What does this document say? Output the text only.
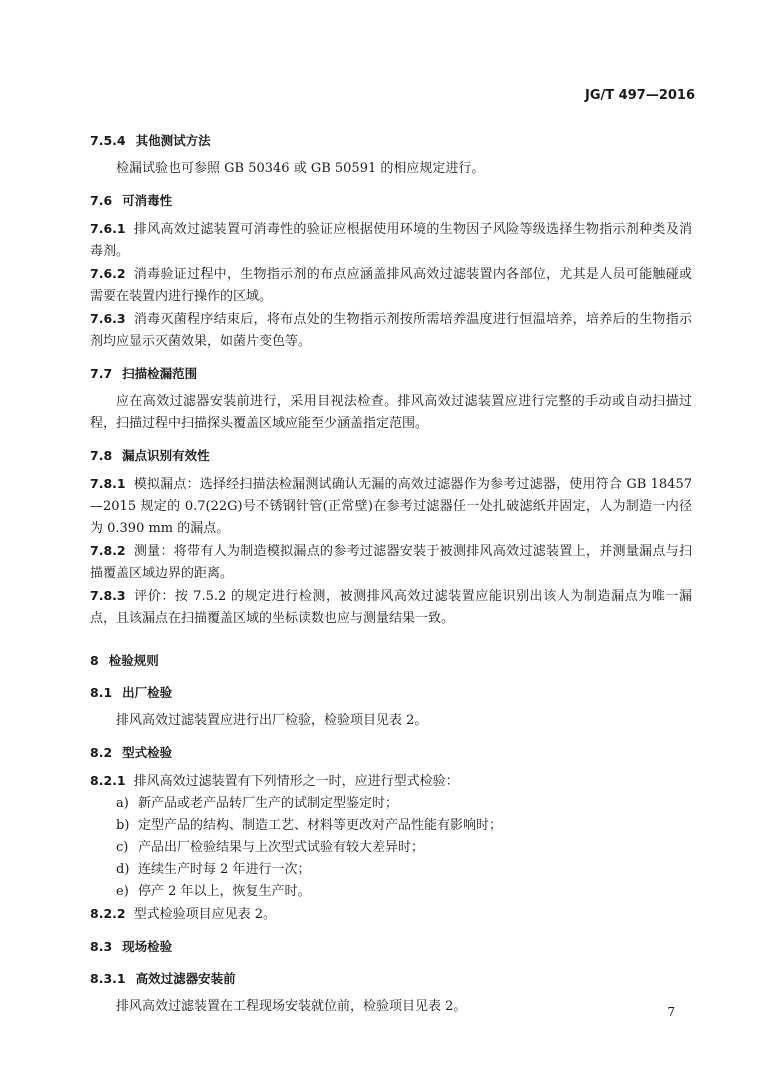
JG/T 497—2016
7.5.4 其他测试方法

检漏试验也可参照 GB 50346 或 GB 50591 的相应规定进行。

7.6 可消毒性

7.6.1 排风高效过滤装置可消毒性的验证应根据使用环境的生物因子风险等级选择生物指示剂种类及消毒剂。

7.6.2 消毒验证过程中，生物指示剂的布点应涵盖排风高效过滤装置内各部位，尤其是人员可能触碰或需要在装置内进行操作的区域。

7.6.3 消毒灭菌程序结束后，将布点处的生物指示剂按所需培养温度进行恒温培养，培养后的生物指示剂均应显示灭菌效果，如菌片变色等。

7.7 扫描检漏范围

应在高效过滤器安装前进行，采用目视法检查。排风高效过滤装置应进行完整的手动或自动扫描过程，扫描过程中扫描探头覆盖区域应能至少涵盖指定范围。

7.8 漏点识别有效性

7.8.1 模拟漏点：选择经扫描法检漏测试确认无漏的高效过滤器作为参考过滤器，使用符合 GB 18457—2015 规定的 0.7(22G)号不锈钢针管(正常壁)在参考过滤器任一处扎破滤纸并固定，人为制造一内径为 0.390 mm 的漏点。

7.8.2 测量：将带有人为制造模拟漏点的参考过滤器安装于被测排风高效过滤装置上，并测量漏点与扫描覆盖区域边界的距离。

7.8.3 评价：按 7.5.2 的规定进行检测，被测排风高效过滤装置应能识别出该人为制造漏点为唯一漏点，且该漏点在扫描覆盖区域的坐标读数也应与测量结果一致。

8 检验规则
8.1 出厂检验

排风高效过滤装置应进行出厂检验，检验项目见表 2。

8.2 型式检验

8.2.1 排风高效过滤装置有下列情形之一时，应进行型式检验：

a) 新产品或老产品转厂生产的试制定型鉴定时；

b) 定型产品的结构、制造工艺、材料等更改对产品性能有影响时；

c) 产品出厂检验结果与上次型式试验有较大差异时；

d) 连续生产时每 2 年进行一次；

e) 停产 2 年以上，恢复生产时。

8.2.2 型式检验项目应见表 2。

8.3 现场检验
8.3.1 高效过滤器安装前

排风高效过滤装置在工程现场安装就位前，检验项目见表 2。	7
